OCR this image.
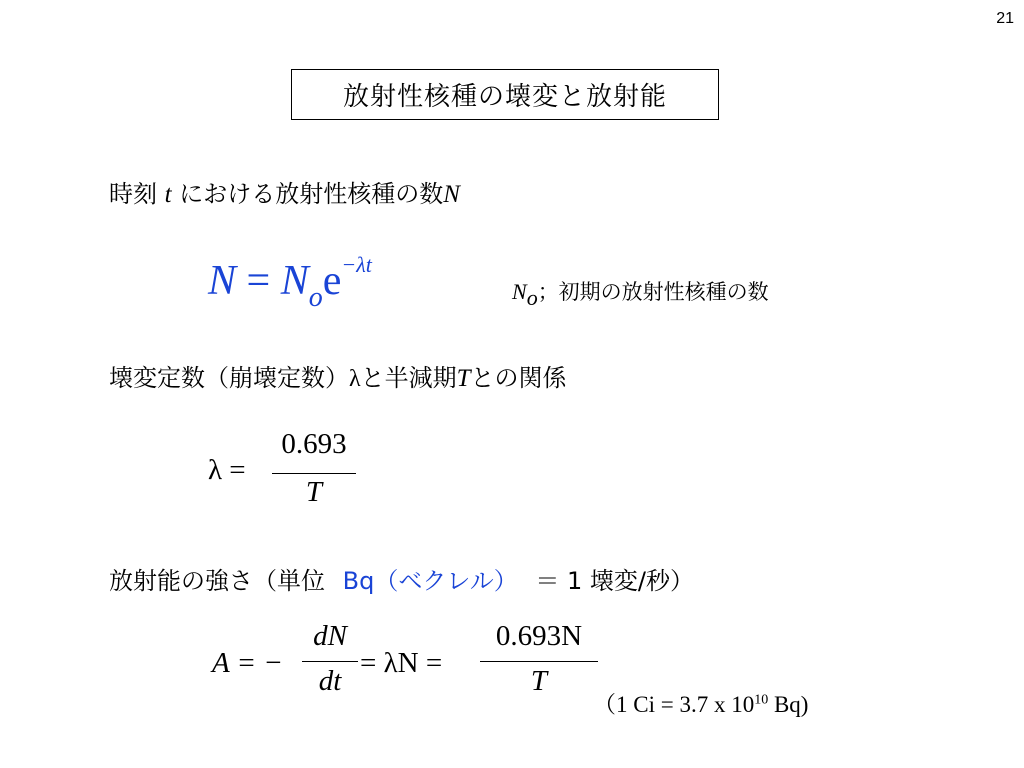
21
放射性核種の壊変と放射能
時刻 t における放射性核種の数N
N = Noe−λt
No；初期の放射性核種の数
壊変定数（崩壊定数）λと半減期Tとの関係
λ =
0.693
T
放射能の強さ（単位 Bq（ベクレル） ＝ 1 壊変/秒）
A = −
dN
dt
= λN =
0.693N
T
（1 Ci = 3.7 x $10^{10}$ Bq)
